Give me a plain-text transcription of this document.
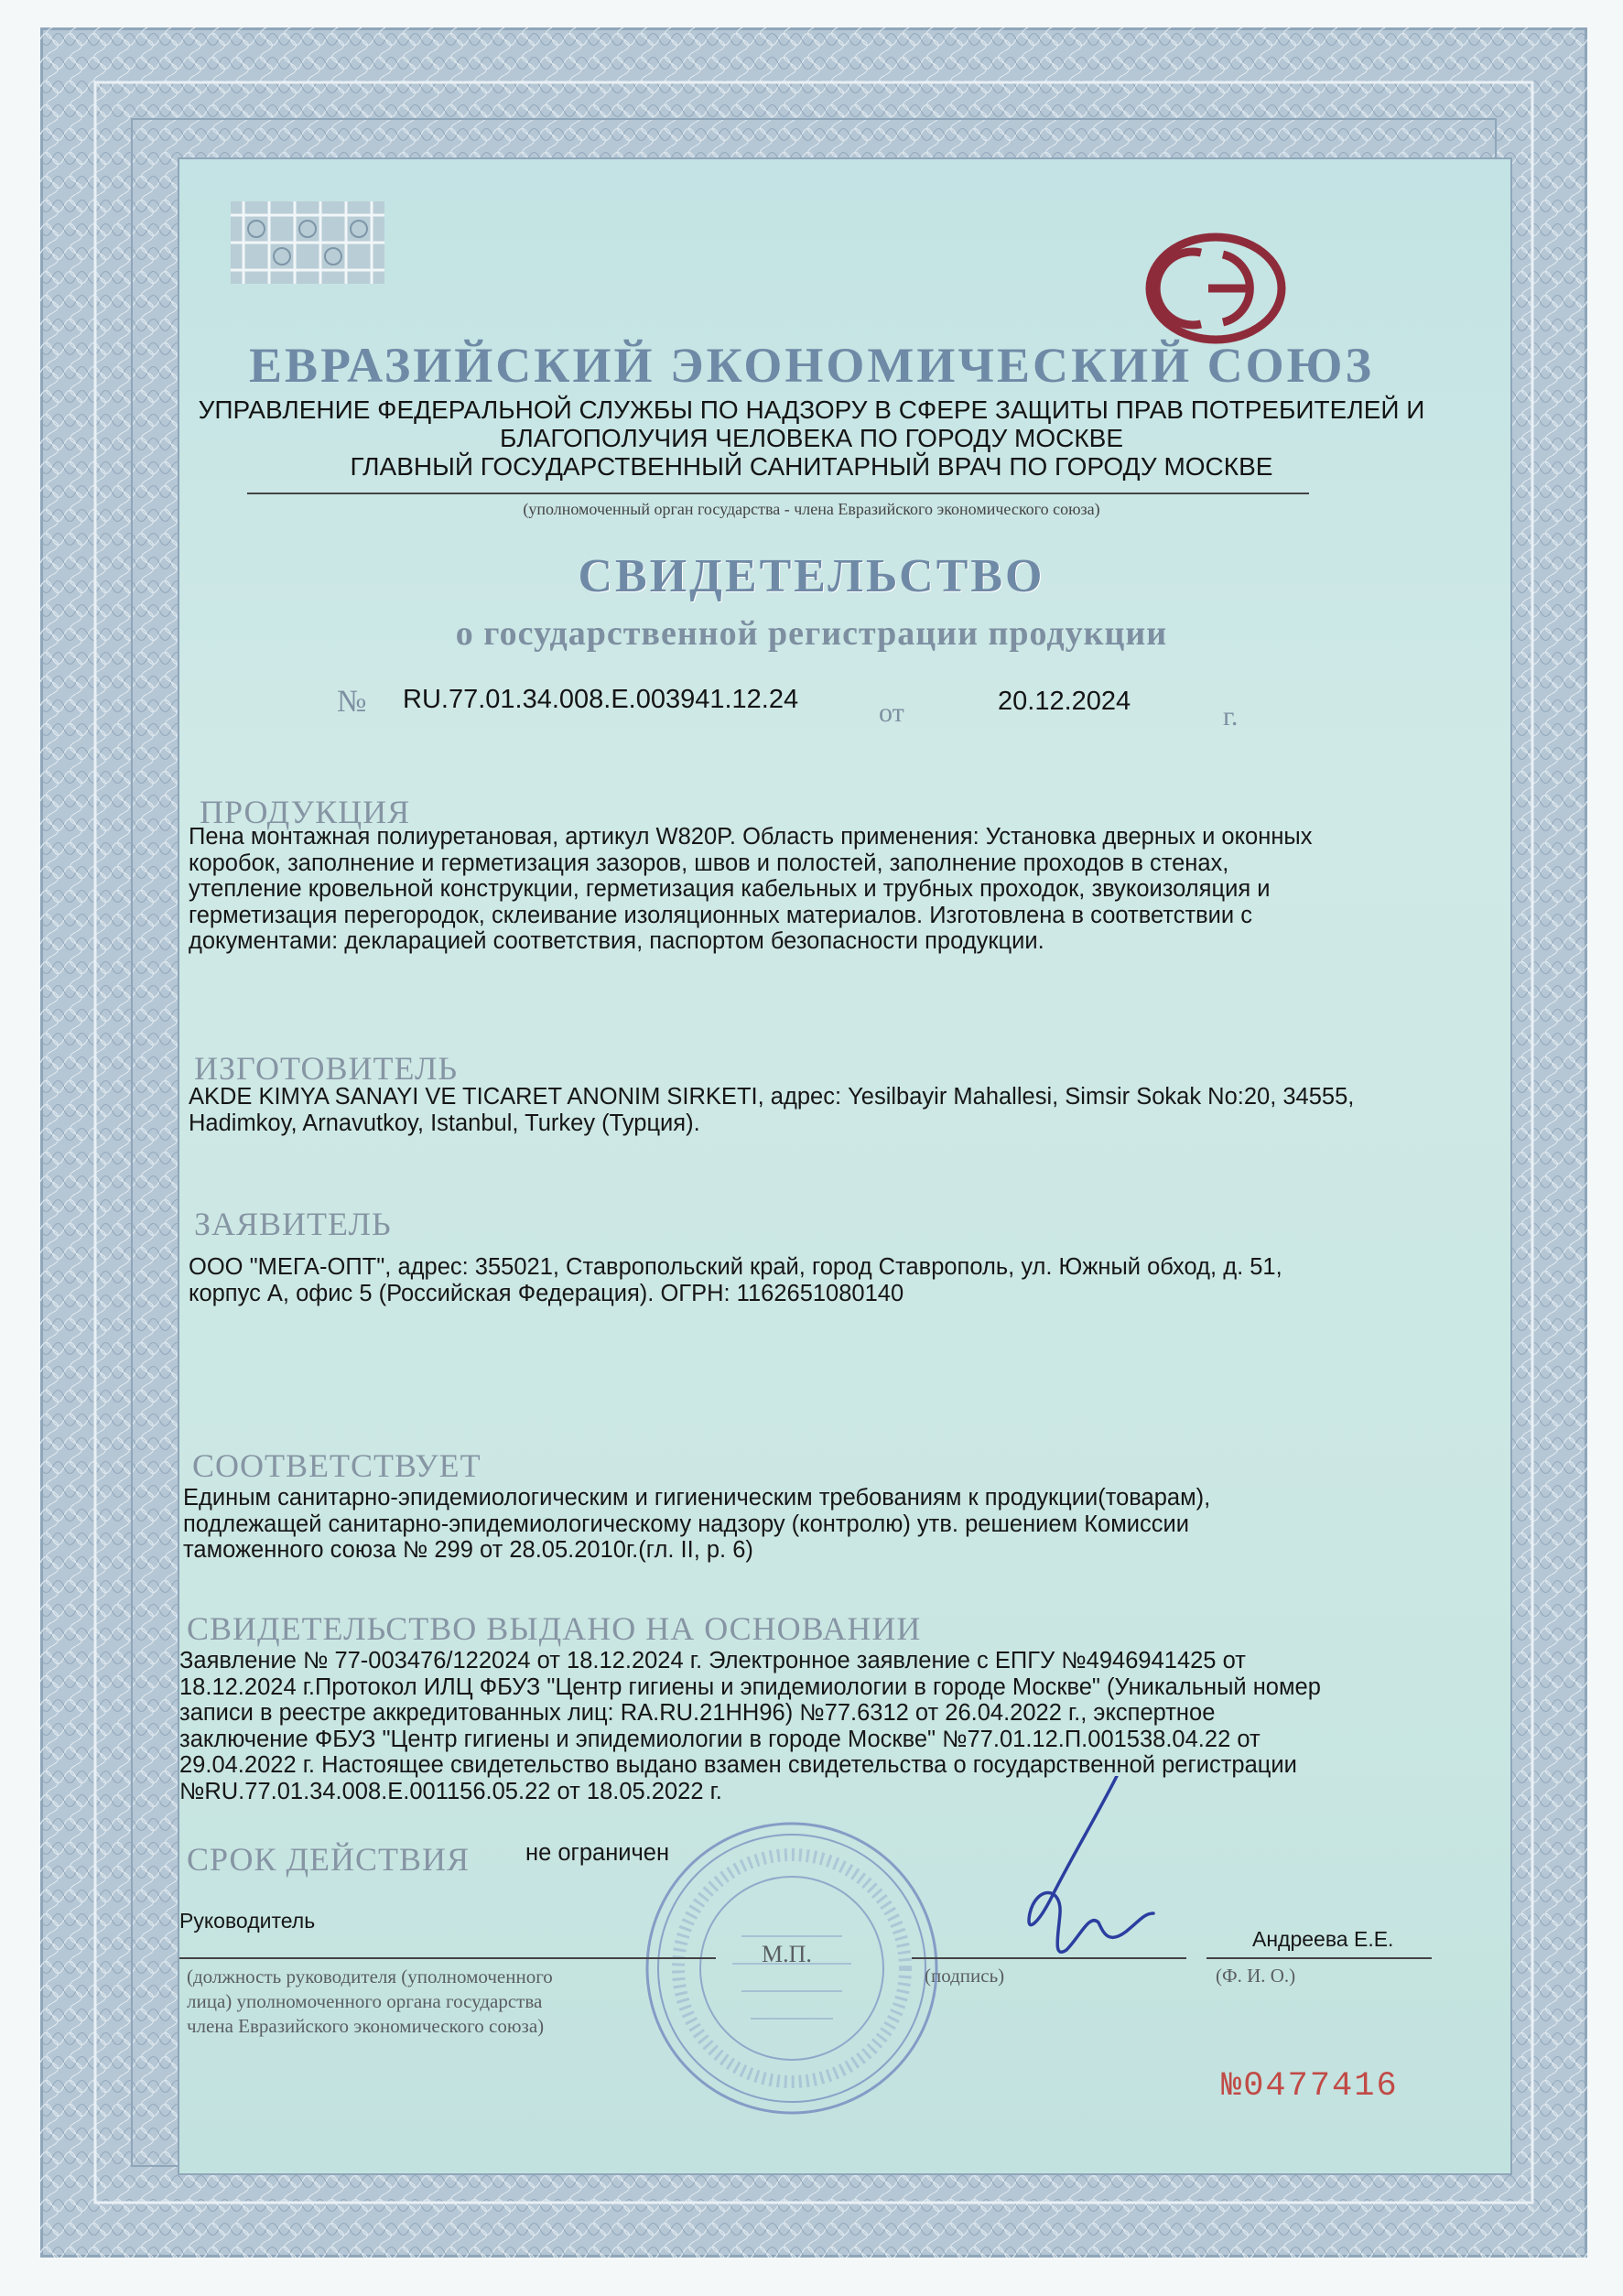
ЕВРАЗИЙСКИЙ ЭКОНОМИЧЕСКИЙ СОЮЗ
УПРАВЛЕНИЕ ФЕДЕРАЛЬНОЙ СЛУЖБЫ ПО НАДЗОРУ В СФЕРЕ ЗАЩИТЫ ПРАВ ПОТРЕБИТЕЛЕЙ И
БЛАГОПОЛУЧИЯ ЧЕЛОВЕКА ПО ГОРОДУ МОСКВЕ
ГЛАВНЫЙ ГОСУДАРСТВЕННЫЙ САНИТАРНЫЙ ВРАЧ ПО ГОРОДУ МОСКВЕ
(уполномоченный орган государства - члена Евразийского экономического союза)
СВИДЕТЕЛЬСТВО
о государственной регистрации продукции
№ RU.77.01.34.008.Е.003941.12.24	от	20.12.2024	г.
ПРОДУКЦИЯ
Пена монтажная полиуретановая, артикул W820P. Область применения: Установка дверных и оконных
коробок, заполнение и герметизация зазоров, швов и полостей, заполнение проходов в стенах,
утепление кровельной конструкции, герметизация кабельных и трубных проходок, звукоизоляция и
герметизация перегородок, склеивание изоляционных материалов. Изготовлена в соответствии с
документами: декларацией соответствия, паспортом безопасности продукции.
ИЗГОТОВИТЕЛЬ
AKDE KIMYA SANAYI VE TICARET ANONIM SIRKETI, адрес: Yesilbayir Mahallesi, Simsir Sokak No:20, 34555,
Hadimkoy, Arnavutkoy, Istanbul, Turkey (Турция).
ЗАЯВИТЕЛЬ
ООО "МЕГА-ОПТ", адрес: 355021, Ставропольский край, город Ставрополь, ул. Южный обход, д. 51,
корпус А, офис 5 (Российская Федерация). ОГРН: 1162651080140
СООТВЕТСТВУЕТ
Единым санитарно-эпидемиологическим и гигиеническим требованиям к продукции(товарам),
подлежащей санитарно-эпидемиологическому надзору (контролю) утв. решением Комиссии
таможенного союза № 299 от 28.05.2010г.(гл. II, р. 6)
СВИДЕТЕЛЬСТВО ВЫДАНО НА ОСНОВАНИИ
Заявление № 77-003476/122024 от 18.12.2024 г. Электронное заявление с ЕПГУ №4946941425 от
18.12.2024 г.Протокол ИЛЦ ФБУЗ "Центр гигиены и эпидемиологии в городе Москве" (Уникальный номер
записи в реестре аккредитованных лиц: RA.RU.21НН96) №77.6312 от 26.04.2022 г., экспертное
заключение ФБУЗ "Центр гигиены и эпидемиологии в городе Москве" №77.01.12.П.001538.04.22 от
29.04.2022 г. Настоящее свидетельство выдано взамен свидетельства о государственной регистрации
№RU.77.01.34.008.Е.001156.05.22 от 18.05.2022 г.
СРОК ДЕЙСТВИЯ не ограничен
М.П.
Руководитель
Андреева Е.Е.
(должность руководителя (уполномоченного
лица) уполномоченного органа государства
члена Евразийского экономического союза)
(подпись)	(Ф. И. О.)
№0477416
